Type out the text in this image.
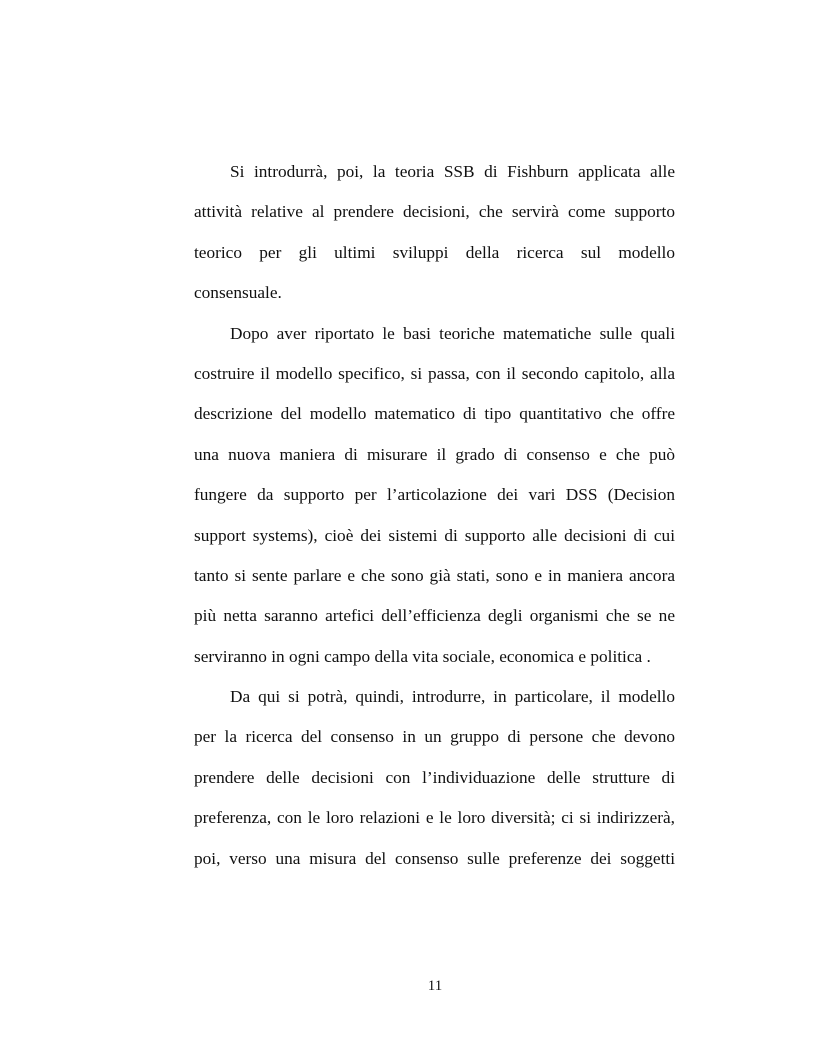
Si introdurrà, poi, la teoria SSB di Fishburn applicata alle
attività relative al prendere decisioni, che servirà come supporto
teorico per gli ultimi sviluppi della ricerca sul modello
consensuale.

Dopo aver riportato le basi teoriche matematiche sulle quali
costruire il modello specifico, si passa, con il secondo capitolo, alla
descrizione del modello matematico di tipo quantitativo che offre
una nuova maniera di misurare il grado di consenso e che può
fungere da supporto per l’articolazione dei vari DSS (Decision
support systems), cioè dei sistemi di supporto alle decisioni di cui
tanto si sente parlare e che sono già stati, sono e in maniera ancora
più netta saranno artefici dell’efficienza degli organismi che se ne
serviranno in ogni campo della vita sociale, economica e politica .

Da qui si potrà, quindi, introdurre, in particolare, il modello
per la ricerca del consenso in un gruppo di persone che devono
prendere delle decisioni con l’individuazione delle strutture di
preferenza, con le loro relazioni e le loro diversità; ci si indirizzerà,
poi, verso una misura del consenso sulle preferenze dei soggetti

11
